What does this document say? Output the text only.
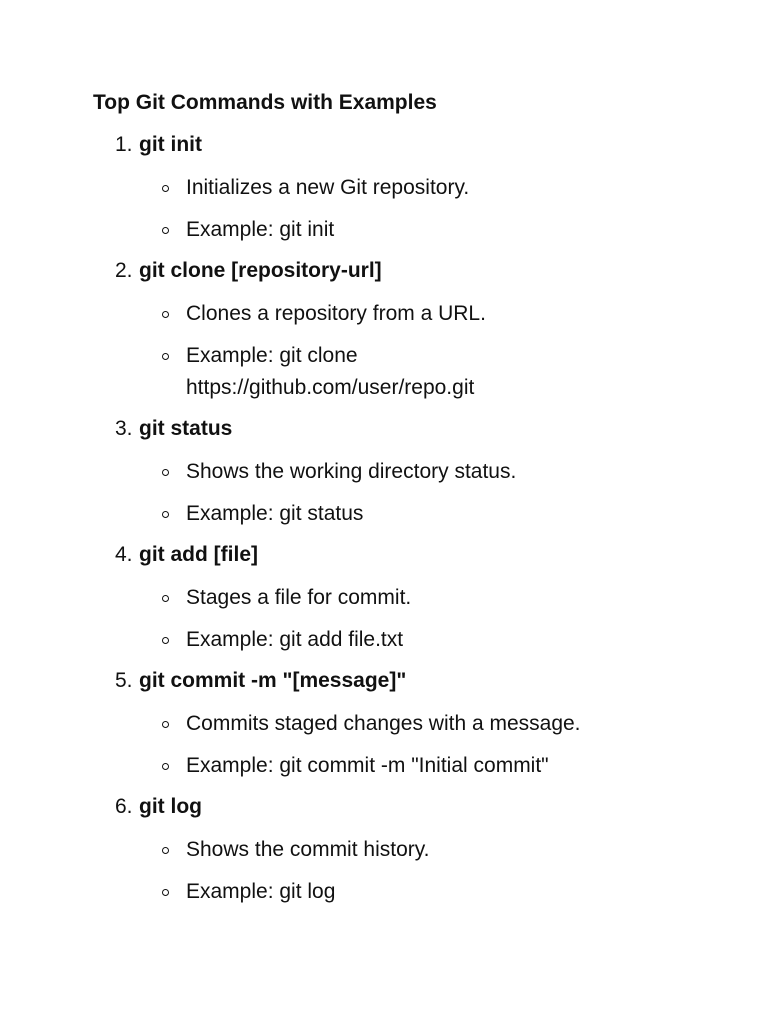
Top Git Commands with Examples
1. git init
Initializes a new Git repository.
Example: git init
2. git clone [repository-url]
Clones a repository from a URL.
Example: git clone https://github.com/user/repo.git
3. git status
Shows the working directory status.
Example: git status
4. git add [file]
Stages a file for commit.
Example: git add file.txt
5. git commit -m "[message]"
Commits staged changes with a message.
Example: git commit -m "Initial commit"
6. git log
Shows the commit history.
Example: git log
